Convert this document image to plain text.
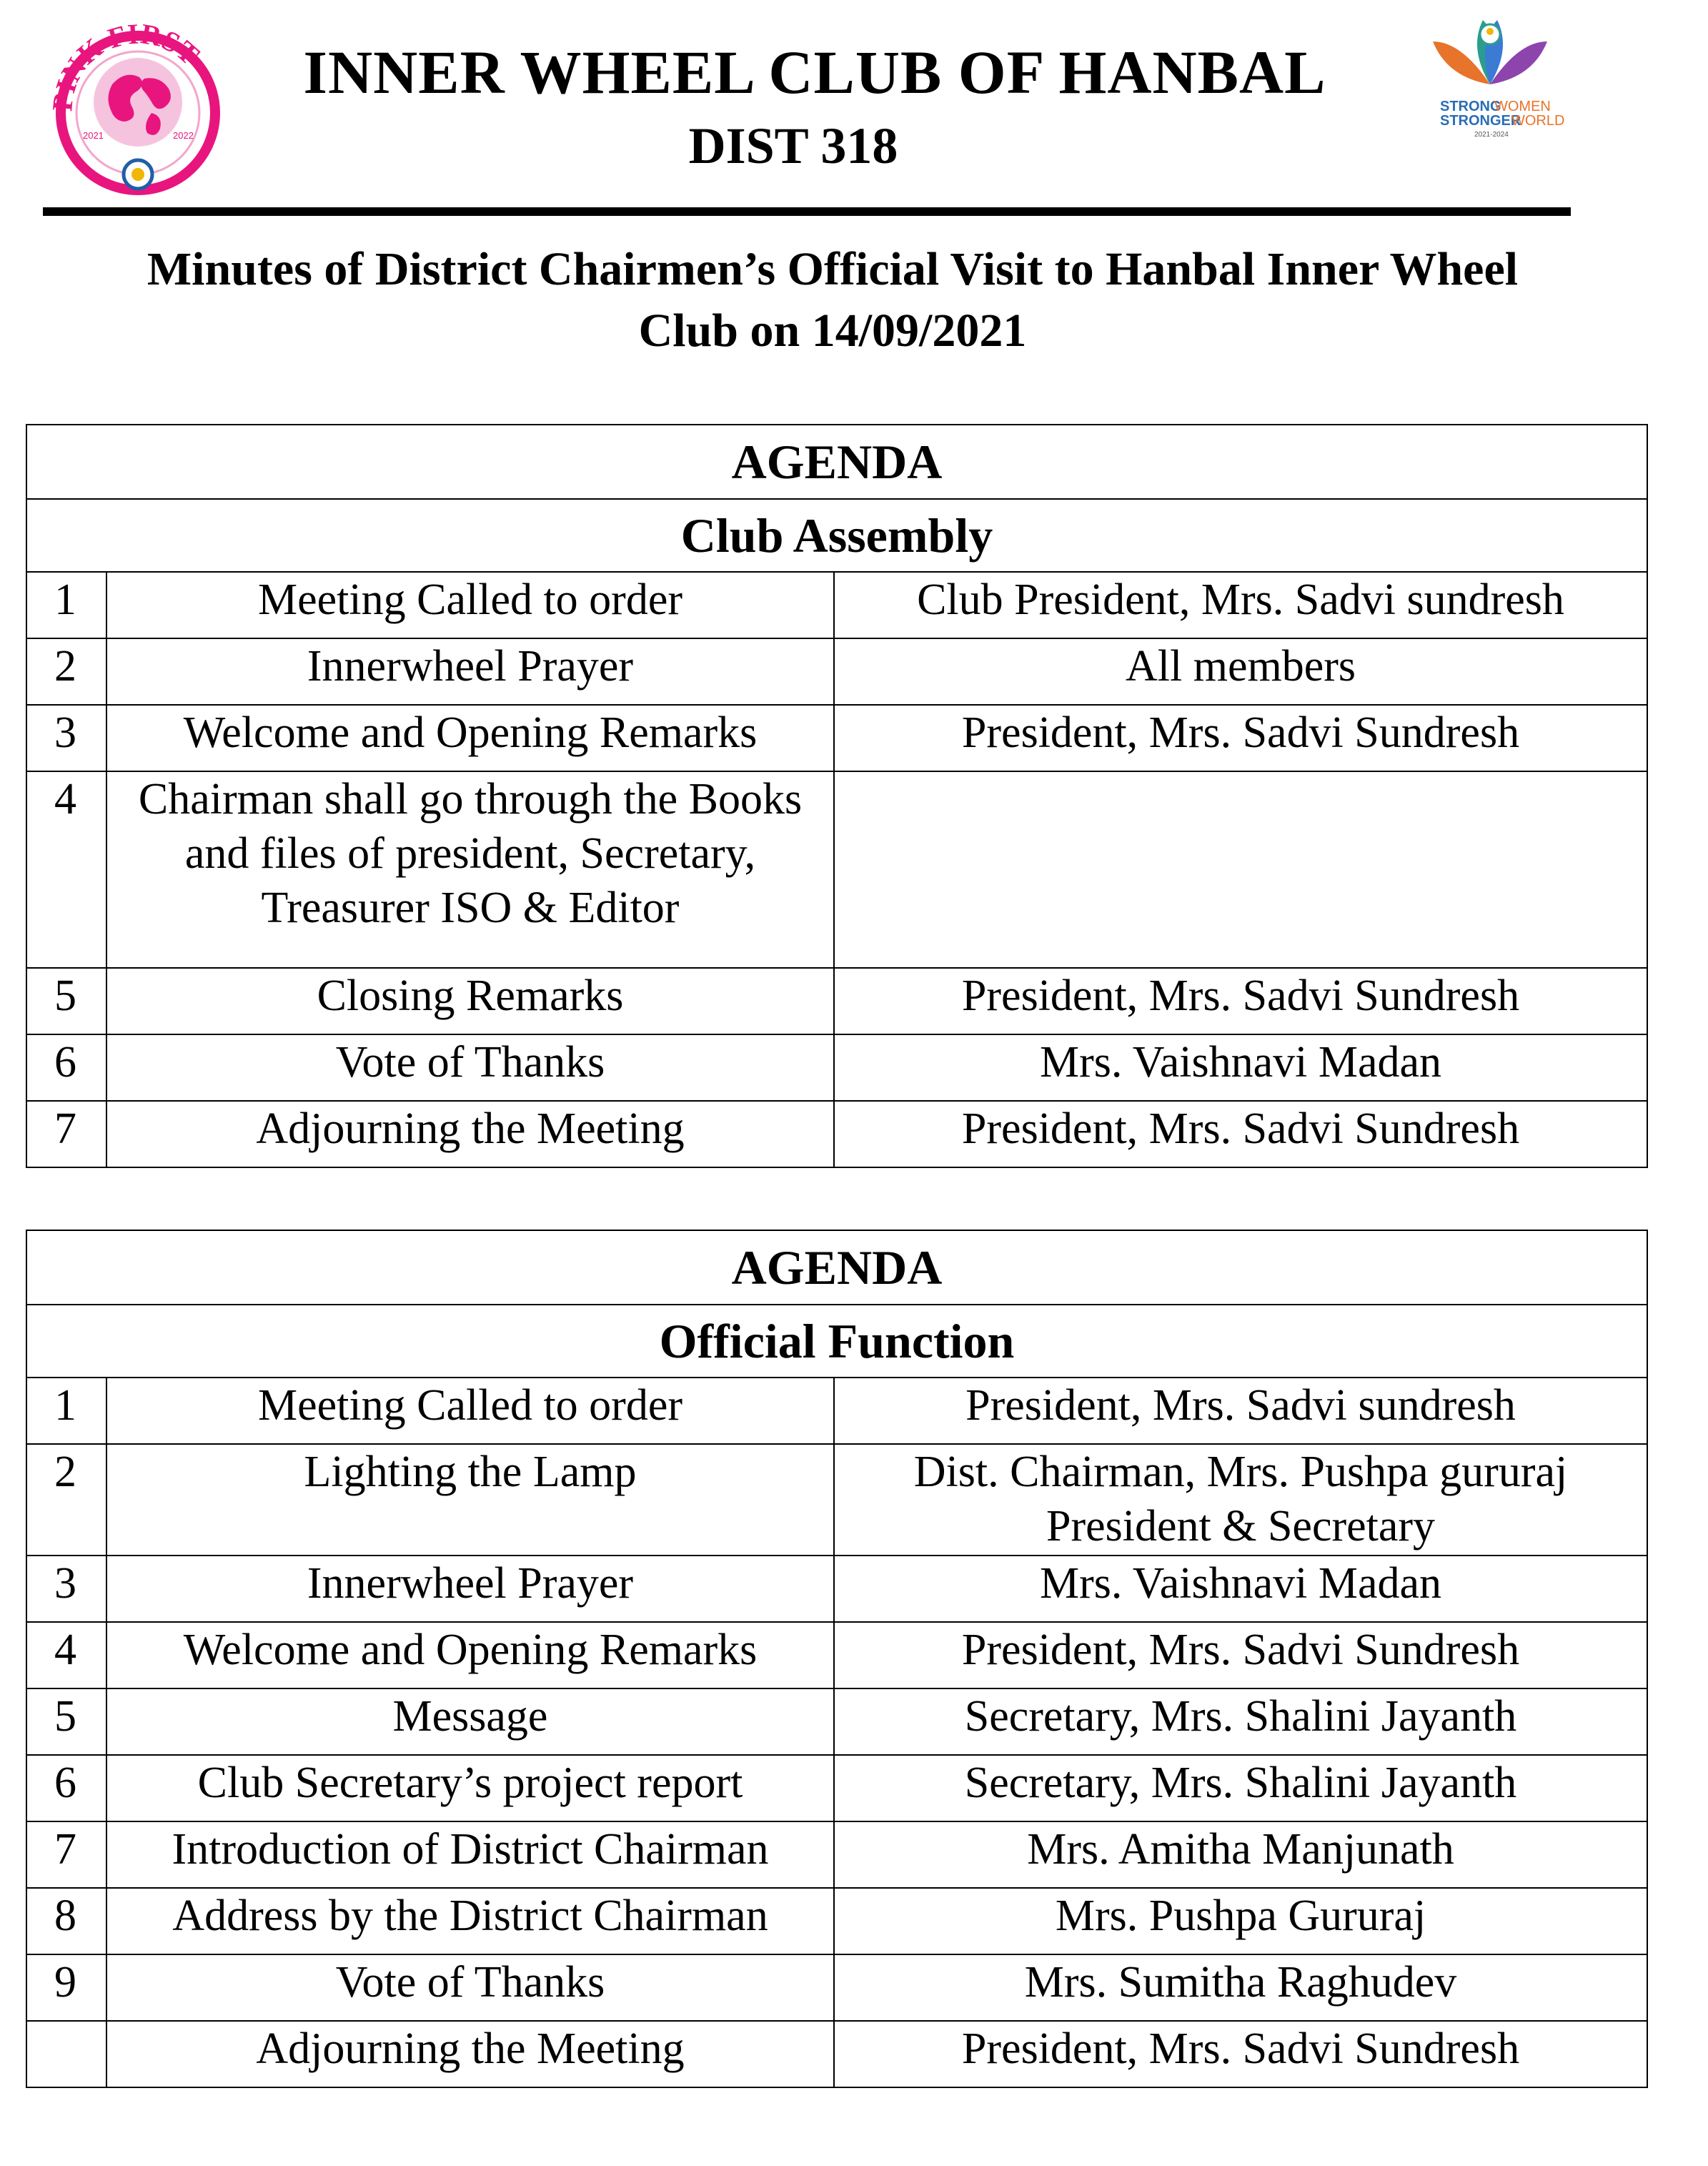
PINK FIRST
2021	2022
INNER WHEEL CLUB OF HANBAL
DIST 318
STRONG
WOMEN
STRONGER
WORLD
2021-2024
Minutes of District Chairmen’s Official Visit to Hanbal Inner Wheel
Club on 14/09/2021
AGENDA		
Club Assembly		
1	Meeting Called to order	Club President, Mrs. Sadvi sundresh
2	Innerwheel Prayer	All members
3	Welcome and Opening Remarks	President, Mrs. Sadvi Sundresh
4	Chairman shall go through the Books and files of president, Secretary, Treasurer ISO & Editor	
5	Closing Remarks	President, Mrs. Sadvi Sundresh
6	Vote of Thanks	Mrs. Vaishnavi Madan
7	Adjourning the Meeting	President, Mrs. Sadvi Sundresh
AGENDA		
Official Function		
1	Meeting Called to order	President, Mrs. Sadvi sundresh
2	Lighting the Lamp	Dist. Chairman, Mrs. Pushpa gururaj President & Secretary
3	Innerwheel Prayer	Mrs. Vaishnavi Madan
4	Welcome and Opening Remarks	President, Mrs. Sadvi Sundresh
5	Message	Secretary, Mrs. Shalini Jayanth
6	Club Secretary’s project report	Secretary, Mrs. Shalini Jayanth
7	Introduction of District Chairman	Mrs. Amitha Manjunath
8	Address by the District Chairman	Mrs. Pushpa Gururaj
9	Vote of Thanks	Mrs. Sumitha Raghudev
	Adjourning the Meeting	President, Mrs. Sadvi Sundresh
